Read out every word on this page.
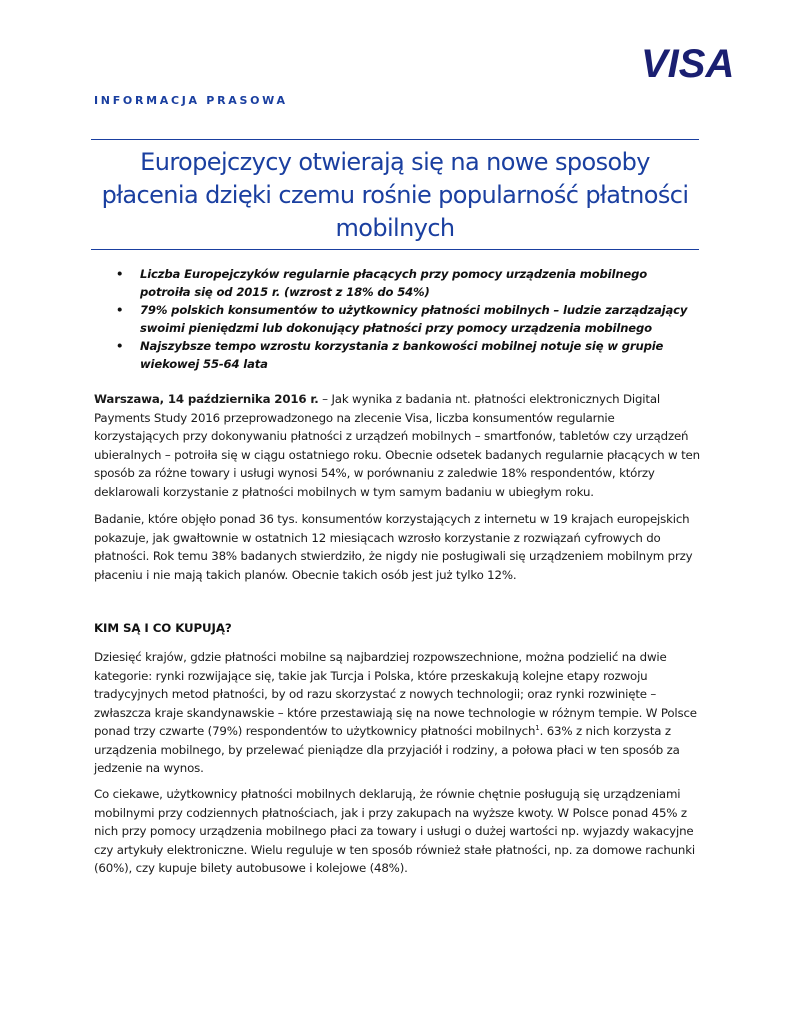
VISA
INFORMACJA PRASOWA
Europejczycy otwierają się na nowe sposoby płacenia dzięki czemu rośnie popularność płatności mobilnych
• Liczba Europejczyków regularnie płacących przy pomocy urządzenia mobilnego potroiła się od 2015 r. (wzrost z 18% do 54%)
• 79% polskich konsumentów to użytkownicy płatności mobilnych – ludzie zarządzający swoimi pieniędzmi lub dokonujący płatności przy pomocy urządzenia mobilnego
• Najszybsze tempo wzrostu korzystania z bankowości mobilnej notuje się w grupie wiekowej 55-64 lata

Warszawa, 14 października 2016 r. – Jak wynika z badania nt. płatności elektronicznych Digital Payments Study 2016 przeprowadzonego na zlecenie Visa, liczba konsumentów regularnie korzystających przy dokonywaniu płatności z urządzeń mobilnych – smartfonów, tabletów czy urządzeń ubieralnych – potroiła się w ciągu ostatniego roku. Obecnie odsetek badanych regularnie płacących w ten sposób za różne towary i usługi wynosi 54%, w porównaniu z zaledwie 18% respondentów, którzy deklarowali korzystanie z płatności mobilnych w tym samym badaniu w ubiegłym roku.

Badanie, które objęło ponad 36 tys. konsumentów korzystających z internetu w 19 krajach europejskich pokazuje, jak gwałtownie w ostatnich 12 miesiącach wzrosło korzystanie z rozwiązań cyfrowych do płatności. Rok temu 38% badanych stwierdziło, że nigdy nie posługiwali się urządzeniem mobilnym przy płaceniu i nie mają takich planów. Obecnie takich osób jest już tylko 12%.

KIM SĄ I CO KUPUJĄ?

Dziesięć krajów, gdzie płatności mobilne są najbardziej rozpowszechnione, można podzielić na dwie kategorie: rynki rozwijające się, takie jak Turcja i Polska, które przeskakują kolejne etapy rozwoju tradycyjnych metod płatności, by od razu skorzystać z nowych technologii; oraz rynki rozwinięte – zwłaszcza kraje skandynawskie – które przestawiają się na nowe technologie w różnym tempie. W Polsce ponad trzy czwarte (79%) respondentów to użytkownicy płatności mobilnych$^1$. 63% z nich korzysta z urządzenia mobilnego, by przelewać pieniądze dla przyjaciół i rodziny, a połowa płaci w ten sposób za jedzenie na wynos.

Co ciekawe, użytkownicy płatności mobilnych deklarują, że równie chętnie posługują się urządzeniami mobilnymi przy codziennych płatnościach, jak i przy zakupach na wyższe kwoty. W Polsce ponad 45% z nich przy pomocy urządzenia mobilnego płaci za towary i usługi o dużej wartości np. wyjazdy wakacyjne czy artykuły elektroniczne. Wielu reguluje w ten sposób również stałe płatności, np. za domowe rachunki (60%), czy kupuje bilety autobusowe i kolejowe (48%).
